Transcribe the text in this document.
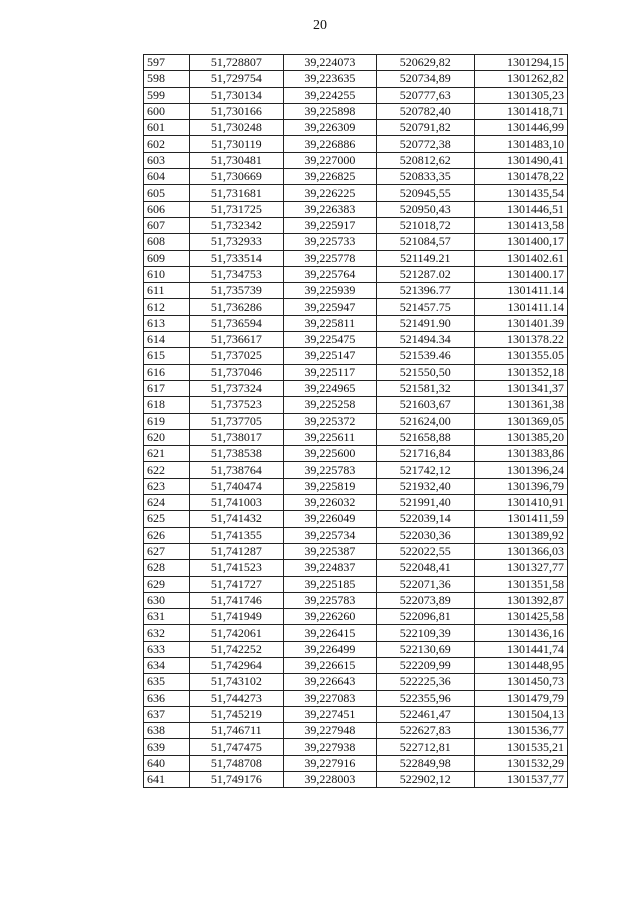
20
597	51,728807	39,224073	520629,82	1301294,15
598	51,729754	39,223635	520734,89	1301262,82
599	51,730134	39,224255	520777,63	1301305,23
600	51,730166	39,225898	520782,40	1301418,71
601	51,730248	39,226309	520791,82	1301446,99
602	51,730119	39,226886	520772,38	1301483,10
603	51,730481	39,227000	520812,62	1301490,41
604	51,730669	39,226825	520833,35	1301478,22
605	51,731681	39,226225	520945,55	1301435,54
606	51,731725	39,226383	520950,43	1301446,51
607	51,732342	39,225917	521018,72	1301413,58
608	51,732933	39,225733	521084,57	1301400,17
609	51,733514	39,225778	521149.21	1301402.61
610	51,734753	39,225764	521287.02	1301400.17
611	51,735739	39,225939	521396.77	1301411.14
612	51,736286	39,225947	521457.75	1301411.14
613	51,736594	39,225811	521491.90	1301401.39
614	51,736617	39,225475	521494.34	1301378.22
615	51,737025	39,225147	521539.46	1301355.05
616	51,737046	39,225117	521550,50	1301352,18
617	51,737324	39,224965	521581,32	1301341,37
618	51,737523	39,225258	521603,67	1301361,38
619	51,737705	39,225372	521624,00	1301369,05
620	51,738017	39,225611	521658,88	1301385,20
621	51,738538	39,225600	521716,84	1301383,86
622	51,738764	39,225783	521742,12	1301396,24
623	51,740474	39,225819	521932,40	1301396,79
624	51,741003	39,226032	521991,40	1301410,91
625	51,741432	39,226049	522039,14	1301411,59
626	51,741355	39,225734	522030,36	1301389,92
627	51,741287	39,225387	522022,55	1301366,03
628	51,741523	39,224837	522048,41	1301327,77
629	51,741727	39,225185	522071,36	1301351,58
630	51,741746	39,225783	522073,89	1301392,87
631	51,741949	39,226260	522096,81	1301425,58
632	51,742061	39,226415	522109,39	1301436,16
633	51,742252	39,226499	522130,69	1301441,74
634	51,742964	39,226615	522209,99	1301448,95
635	51,743102	39,226643	522225,36	1301450,73
636	51,744273	39,227083	522355,96	1301479,79
637	51,745219	39,227451	522461,47	1301504,13
638	51,746711	39,227948	522627,83	1301536,77
639	51,747475	39,227938	522712,81	1301535,21
640	51,748708	39,227916	522849,98	1301532,29
641	51,749176	39,228003	522902,12	1301537,77
